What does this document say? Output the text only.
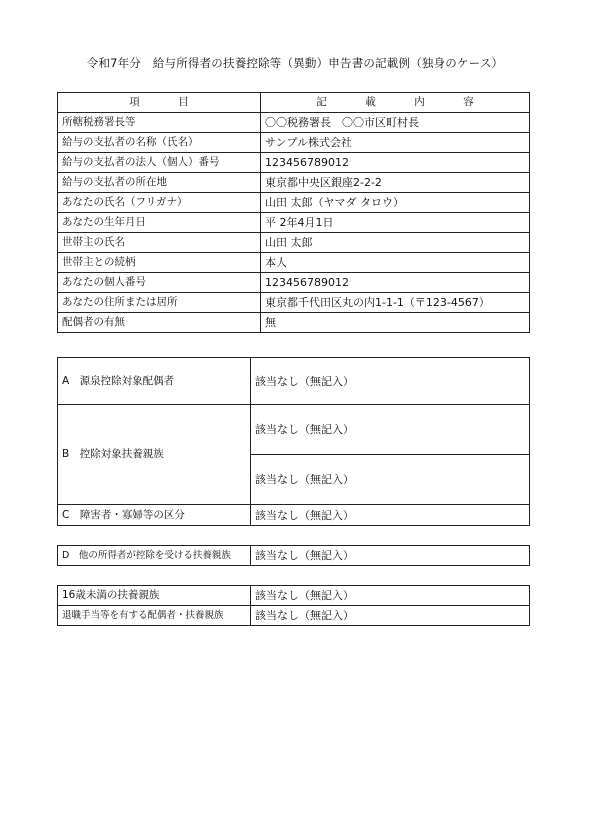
令和7年分　給与所得者の扶養控除等（異動）申告書の記載例（独身のケース）
項　目	記　載　内　容
所轄税務署長等	〇〇税務署長　〇〇市区町村長
給与の支払者の名称（氏名）	サンプル株式会社
給与の支払者の法人（個人）番号	123456789012
給与の支払者の所在地	東京都中央区銀座2-2-2
あなたの氏名（フリガナ）	山田 太郎（ヤマダ タロウ）
あなたの生年月日	平 2年4月1日
世帯主の氏名	山田 太郎
世帯主との続柄	本人
あなたの個人番号	123456789012
あなたの住所または居所	東京都千代田区丸の内1-1-1（〒123-4567）
配偶者の有無	無
A　源泉控除対象配偶者	該当なし（無記入）
B　控除対象扶養親族	該当なし（無記入）
	該当なし（無記入）
C　障害者・寡婦等の区分	該当なし（無記入）
D　他の所得者が控除を受ける扶養親族	該当なし（無記入）
16歳未満の扶養親族	該当なし（無記入）
退職手当等を有する配偶者・扶養親族	該当なし（無記入）
